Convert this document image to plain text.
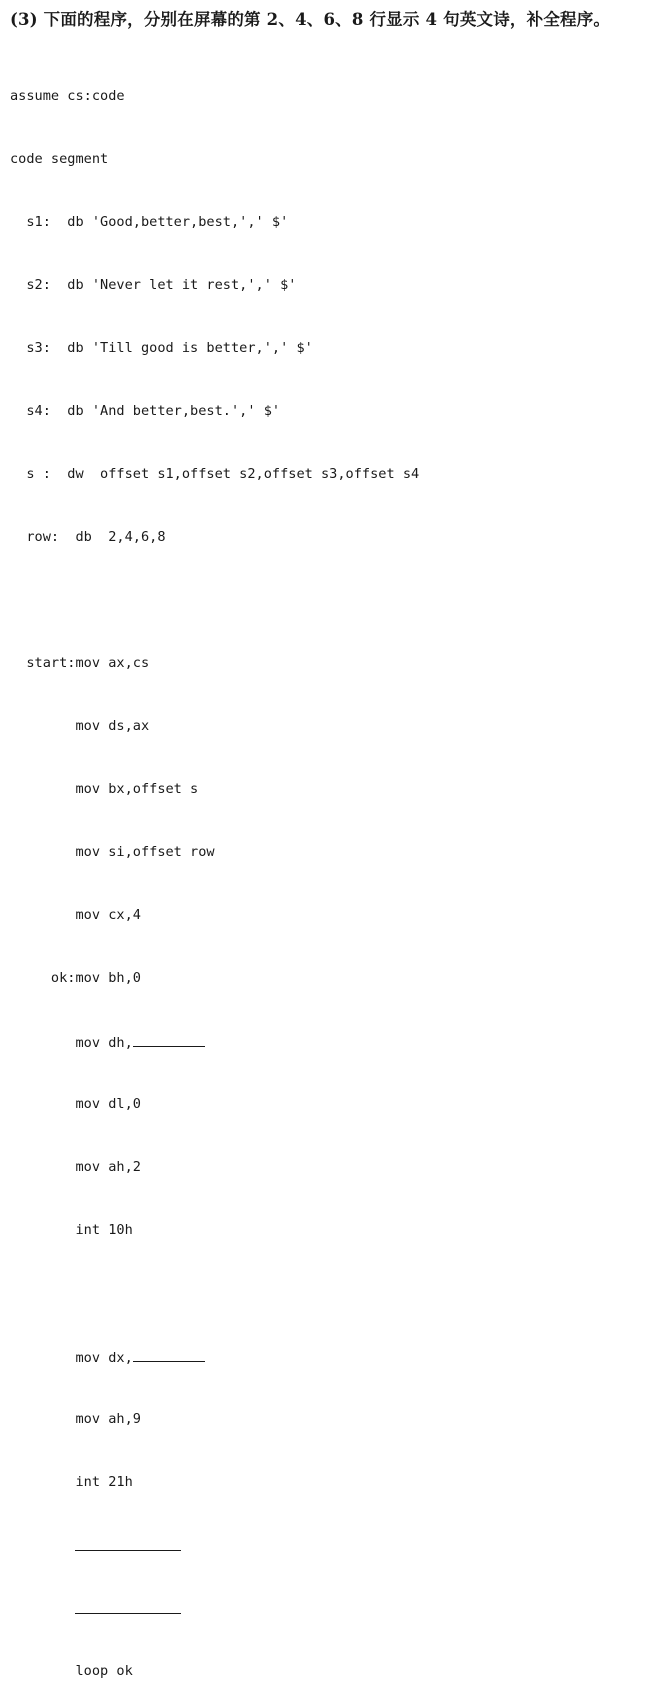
(3) 下面的程序，分别在屏幕的第 2、4、6、8 行显示 4 句英文诗，补全程序。

assume cs:code

code segment

s1:  db 'Good,better,best,',' $'

s2:  db 'Never let it rest,',' $'

s3:  db 'Till good is better,',' $'

s4:  db 'And better,best.',' $'

s :  dw  offset s1,offset s2,offset s3,offset s4

row:  db  2,4,6,8

start:mov ax,cs

mov ds,ax

mov bx,offset s

mov si,offset row

mov cx,4

ok:mov bh,0

mov dh,

mov dl,0

mov ah,2

int 10h

mov dx,

mov ah,9

int 21h

loop ok
